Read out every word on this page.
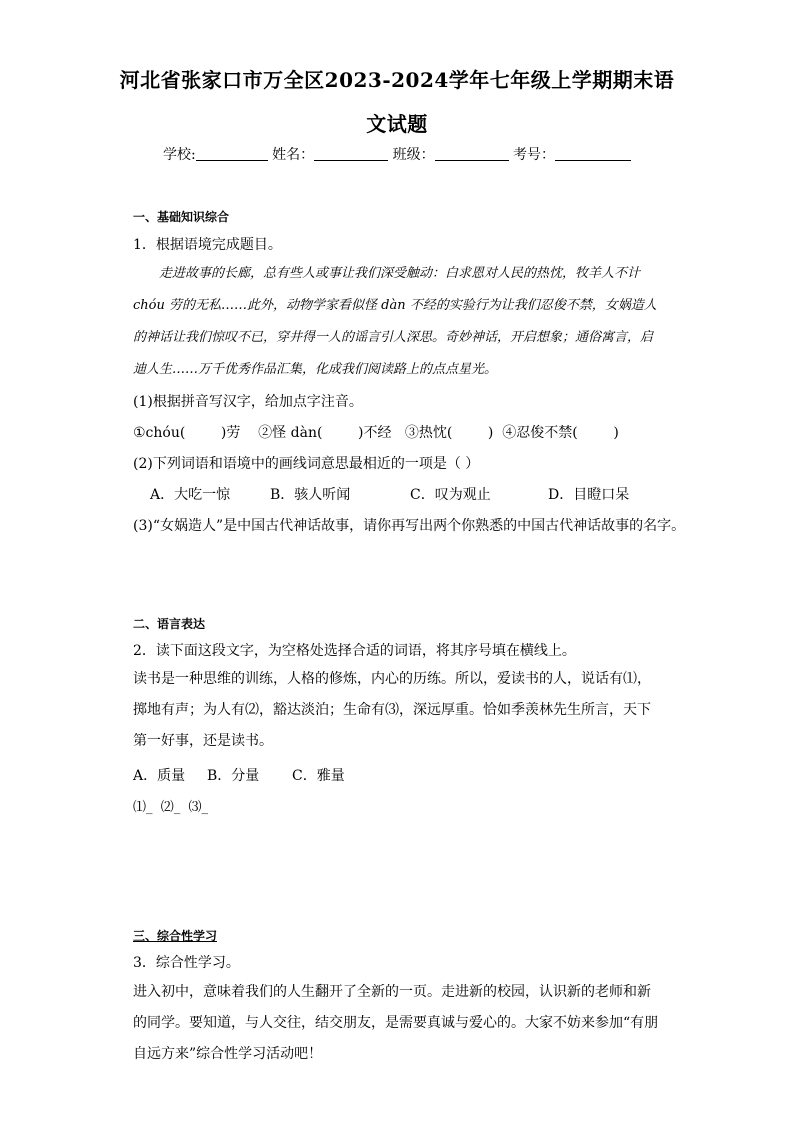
河北省张家口市万全区2023-2024学年七年级上学期期末语
文试题
学校:	姓名：	班级：	考号：
一、基础知识综合
1．根据语境完成题目。
走进故事的长廊，总有些人或事让我们深受触动：白求恩对人民的热忱，牧羊人不计 chóu 劳的无私……此外，动物学家看似怪 dàn 不经的实验行为让我们忍俊不禁，女娲造人的神话让我们惊叹不已，穿井得一人的谣言引人深思。奇妙神话，开启想象；通俗寓言，启迪人生……万千优秀作品汇集，化成我们阅读路上的点点星光。
(1)根据拼音写汉字，给加点字注音。
①chóu(        )劳    ②怪 dàn(        )不经   ③热忱(        )  ④忍俊不禁(        )
(2)下列词语和语境中的画线词意思最相近的一项是（ ）
A．大吃一惊	B．骇人听闻	C．叹为观止	D．目瞪口呆
(3)“女娲造人”是中国古代神话故事，请你再写出两个你熟悉的中国古代神话故事的名字。
二、语言表达
2．读下面这段文字，为空格处选择合适的词语，将其序号填在横线上。
读书是一种思维的训练，人格的修炼，内心的历练。所以，爱读书的人，说话有⑴，掷地有声；为人有⑵，豁达淡泊；生命有⑶，深远厚重。恰如季羡林先生所言，天下第一好事，还是读书。
A．质量 B．分量 C．雅量
⑴_  ⑵_  ⑶_
三、综合性学习
3．综合性学习。
进入初中，意味着我们的人生翻开了全新的一页。走进新的校园，认识新的老师和新的同学。要知道，与人交往，结交朋友，是需要真诚与爱心的。大家不妨来参加“有朋自远方来”综合性学习活动吧！
